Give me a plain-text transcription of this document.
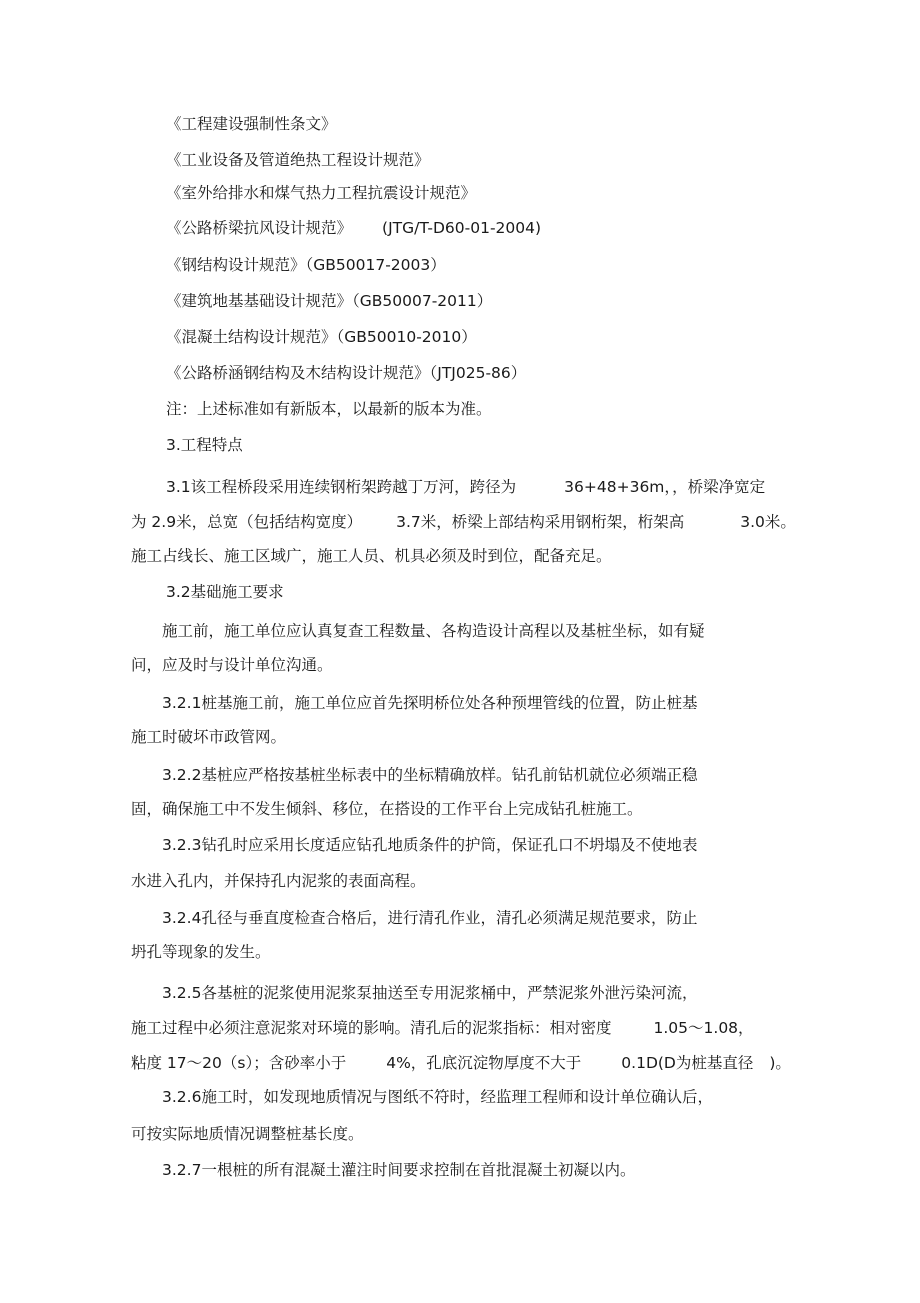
《工程建设强制性条文》
《工业设备及管道绝热工程设计规范》
《室外给排水和煤气热力工程抗震设计规范》
《公路桥梁抗风设计规范》 (JTG/T-D60-01-2004)
《钢结构设计规范》（GB50017-2003）
《建筑地基基础设计规范》（GB50007-2011）
《混凝土结构设计规范》（GB50010-2010）
《公路桥涵钢结构及木结构设计规范》（JTJ025-86）
注：上述标准如有新版本，以最新的版本为准。
3.工程特点
3.1该工程桥段采用连续钢桁架跨越丁万河，跨径为	36+48+36m，，桥梁净宽定
为 2.9米，总宽（包括结构宽度） 3.7米，桥梁上部结构采用钢桁架，桁架高	3.0米。
施工占线长、施工区域广，施工人员、机具必须及时到位，配备充足。
3.2基础施工要求
施工前，施工单位应认真复查工程数量、各构造设计高程以及基桩坐标，如有疑
问，应及时与设计单位沟通。
3.2.1桩基施工前，施工单位应首先探明桥位处各种预埋管线的位置，防止桩基
施工时破坏市政管网。
3.2.2基桩应严格按基桩坐标表中的坐标精确放样。钻孔前钻机就位必须端正稳
固，确保施工中不发生倾斜、移位，在搭设的工作平台上完成钻孔桩施工。
3.2.3钻孔时应采用长度适应钻孔地质条件的护筒，保证孔口不坍塌及不使地表
水进入孔内，并保持孔内泥浆的表面高程。
3.2.4孔径与垂直度检查合格后，进行清孔作业，清孔必须满足规范要求，防止
坍孔等现象的发生。
3.2.5各基桩的泥浆使用泥浆泵抽送至专用泥浆桶中，严禁泥浆外泄污染河流，
施工过程中必须注意泥浆对环境的影响。清孔后的泥浆指标：相对密度	1.05～1.08，
粘度 17～20（s）；含砂率小于	4%，孔底沉淀物厚度不大于	0.1D(D为桩基直径 )。
3.2.6施工时，如发现地质情况与图纸不符时，经监理工程师和设计单位确认后，
可按实际地质情况调整桩基长度。
3.2.7一根桩的所有混凝土灌注时间要求控制在首批混凝土初凝以内。
